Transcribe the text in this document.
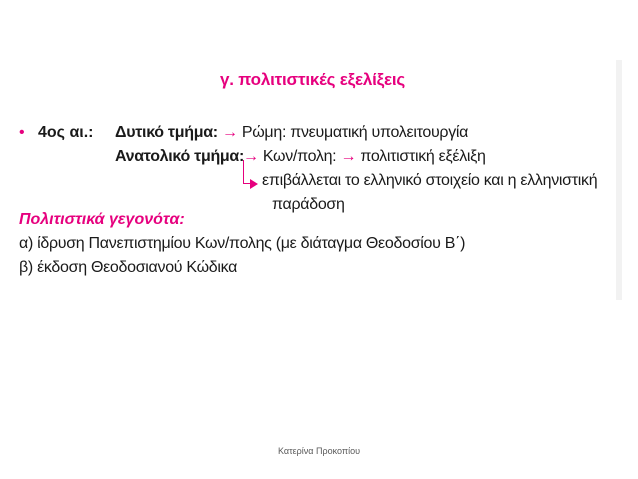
γ. πολιτιστικές εξελίξεις
• 4ος αι.: Δυτικό τμήμα: → Ρώμη: πνευματική υπολειτουργία
Ανατολικό τμήμα: → Κων/πολη: → πολιτιστική εξέλιξη
επιβάλλεται το ελληνικό στοιχείο και η ελληνιστική
παράδοση
Πολιτιστικά γεγονότα:
α) ίδρυση Πανεπιστημίου Κων/πολης (με διάταγμα Θεοδοσίου Β΄)
β) έκδοση Θεοδοσιανού Κώδικα
Κατερίνα Προκοπίου
